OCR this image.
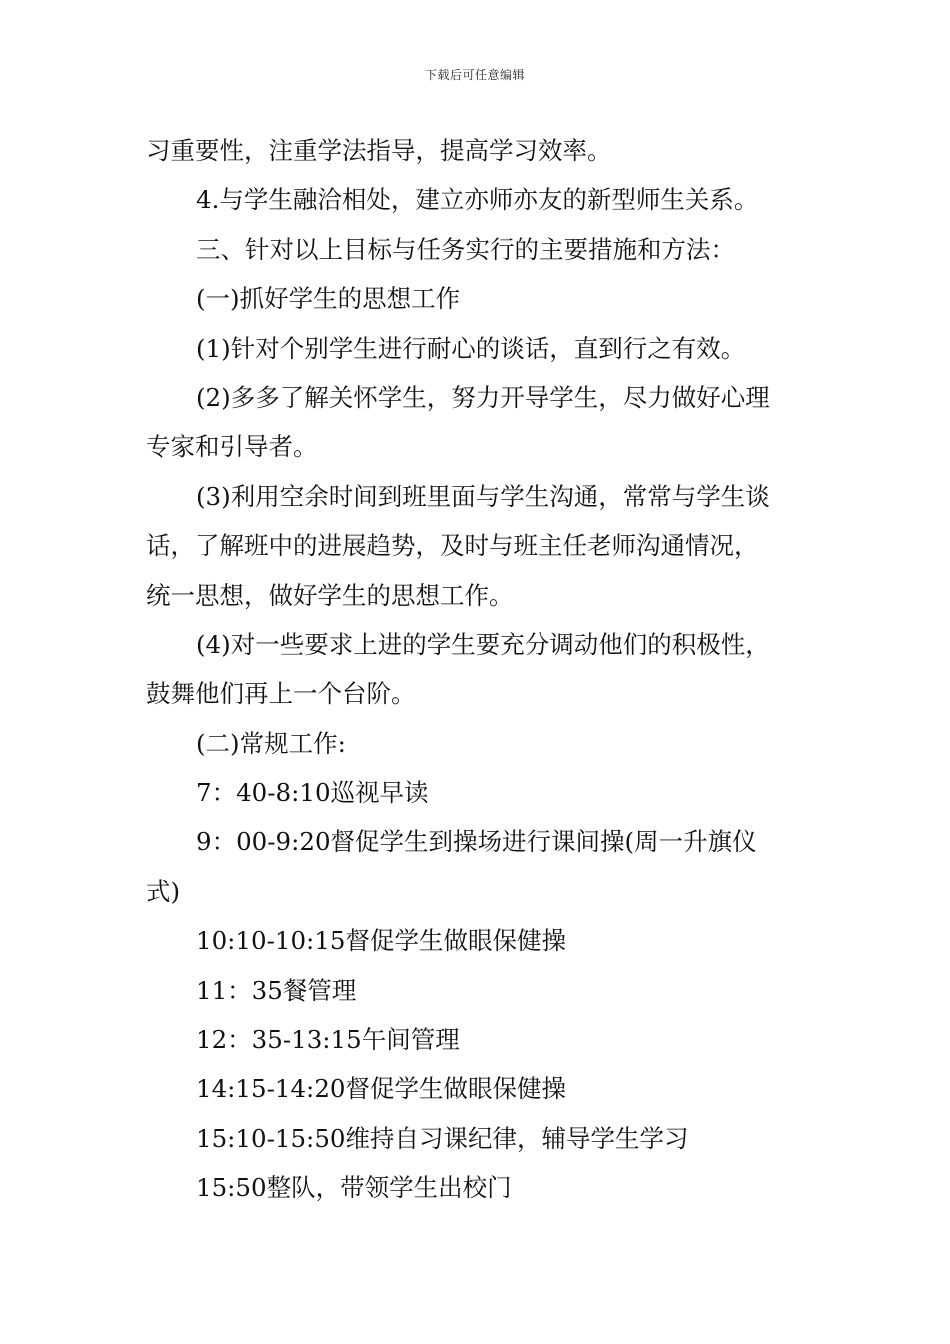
下载后可任意编辑
习重要性，注重学法指导，提高学习效率。
4.与学生融洽相处，建立亦师亦友的新型师生关系。
三、针对以上目标与任务实行的主要措施和方法：
(一)抓好学生的思想工作
(1)针对个别学生进行耐心的谈话，直到行之有效。
(2)多多了解关怀学生，努力开导学生，尽力做好心理
专家和引导者。
(3)利用空余时间到班里面与学生沟通，常常与学生谈
话，了解班中的进展趋势，及时与班主任老师沟通情况，
统一思想，做好学生的思想工作。
(4)对一些要求上进的学生要充分调动他们的积极性，
鼓舞他们再上一个台阶。
(二)常规工作:
7：40-8:10巡视早读
9：00-9:20督促学生到操场进行课间操(周一升旗仪
式)
10:10-10:15督促学生做眼保健操
11：35餐管理
12：35-13:15午间管理
14:15-14:20督促学生做眼保健操
15:10-15:50维持自习课纪律，辅导学生学习
15:50整队，带领学生出校门
